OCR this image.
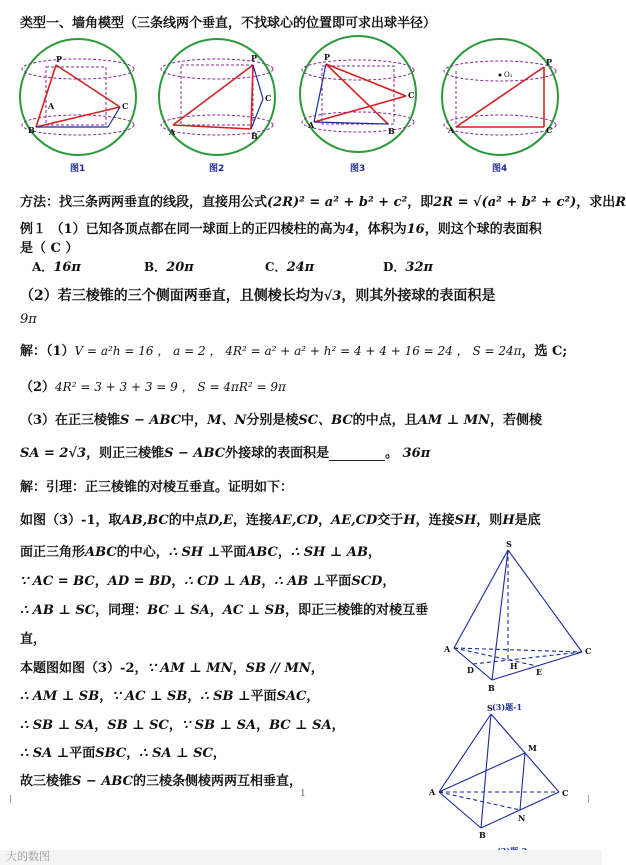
类型一、墙角模型（三条线两个垂直，不找球心的位置即可求出球半径）
P
B
C
A
A
P
C
B
P
A
C
B
O₁
A
P
C
图1	图2	图3	图4
方法：找三条两两垂直的线段，直接用公式(2R)² = a² + b² + c²，即2R = √(a² + b² + c²)，求出R
例１ （1）已知各顶点都在同一球面上的正四棱柱的高为4，体积为16，则这个球的表面积
是（ C ）
A．16π	B．20π	C．24π	D．32π
（2）若三棱锥的三个侧面两垂直，且侧棱长均为√3，则其外接球的表面积是
9π
解：（1）V = a²h = 16 ， a = 2 ， 4R² = a² + a² + h² = 4 + 4 + 16 = 24 ， S = 24π，选 C;
（2）4R² = 3 + 3 + 3 = 9 ， S = 4πR² = 9π
（3）在正三棱锥S − ABC中，M、N分别是棱SC、BC的中点，且AM ⊥ MN，若侧棱
SA = 2√3，则正三棱锥S − ABC外接球的表面积是	。 36π
解：引理：正三棱锥的对棱互垂直。证明如下：
如图（3）-1，取AB,BC的中点D,E，连接AE,CD，AE,CD交于H，连接SH，则H是底
面正三角形ABC的中心，∴ SH ⊥平面ABC，∴ SH ⊥ AB，
∵ AC = BC，AD = BD，∴ CD ⊥ AB，∴ AB ⊥平面SCD，
∴ AB ⊥ SC，同理：BC ⊥ SA，AC ⊥ SB，即正三棱锥的对棱互垂
直，
本题图如图（3）-2，∵ AM ⊥ MN，SB // MN，
∴ AM ⊥ SB，∵ AC ⊥ SB，∴ SB ⊥平面SAC，
∴ SB ⊥ SA，SB ⊥ SC，∵ SB ⊥ SA，BC ⊥ SA，
∴ SA ⊥平面SBC，∴ SA ⊥ SC，
故三棱锥S − ABC的三棱条侧棱两两互相垂直，
S
A
B
C
D	E
H
(3)题-1
S
A
B
C
M
N
1
大的数图
